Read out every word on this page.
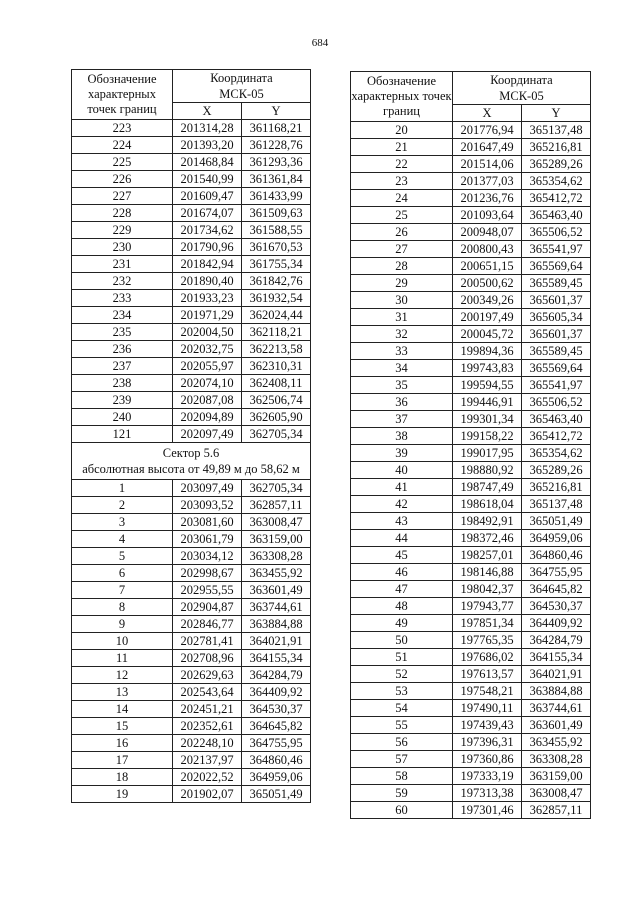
684
Обозначение характерных точек границ	Координата
МСК-05	
	X	Y
223	201314,28	361168,21
224	201393,20	361228,76
225	201468,84	361293,36
226	201540,99	361361,84
227	201609,47	361433,99
228	201674,07	361509,63
229	201734,62	361588,55
230	201790,96	361670,53
231	201842,94	361755,34
232	201890,40	361842,76
233	201933,23	361932,54
234	201971,29	362024,44
235	202004,50	362118,21
236	202032,75	362213,58
237	202055,97	362310,31
238	202074,10	362408,11
239	202087,08	362506,74
240	202094,89	362605,90
121	202097,49	362705,34
Сектор 5.6
абсолютная высота от 49,89 м до 58,62 м		
1	203097,49	362705,34
2	203093,52	362857,11
3	203081,60	363008,47
4	203061,79	363159,00
5	203034,12	363308,28
6	202998,67	363455,92
7	202955,55	363601,49
8	202904,87	363744,61
9	202846,77	363884,88
10	202781,41	364021,91
11	202708,96	364155,34
12	202629,63	364284,79
13	202543,64	364409,92
14	202451,21	364530,37
15	202352,61	364645,82
16	202248,10	364755,95
17	202137,97	364860,46
18	202022,52	364959,06
19	201902,07	365051,49
Обозначение характерных точек границ	Координата
МСК-05	
	X	Y
20	201776,94	365137,48
21	201647,49	365216,81
22	201514,06	365289,26
23	201377,03	365354,62
24	201236,76	365412,72
25	201093,64	365463,40
26	200948,07	365506,52
27	200800,43	365541,97
28	200651,15	365569,64
29	200500,62	365589,45
30	200349,26	365601,37
31	200197,49	365605,34
32	200045,72	365601,37
33	199894,36	365589,45
34	199743,83	365569,64
35	199594,55	365541,97
36	199446,91	365506,52
37	199301,34	365463,40
38	199158,22	365412,72
39	199017,95	365354,62
40	198880,92	365289,26
41	198747,49	365216,81
42	198618,04	365137,48
43	198492,91	365051,49
44	198372,46	364959,06
45	198257,01	364860,46
46	198146,88	364755,95
47	198042,37	364645,82
48	197943,77	364530,37
49	197851,34	364409,92
50	197765,35	364284,79
51	197686,02	364155,34
52	197613,57	364021,91
53	197548,21	363884,88
54	197490,11	363744,61
55	197439,43	363601,49
56	197396,31	363455,92
57	197360,86	363308,28
58	197333,19	363159,00
59	197313,38	363008,47
60	197301,46	362857,11
